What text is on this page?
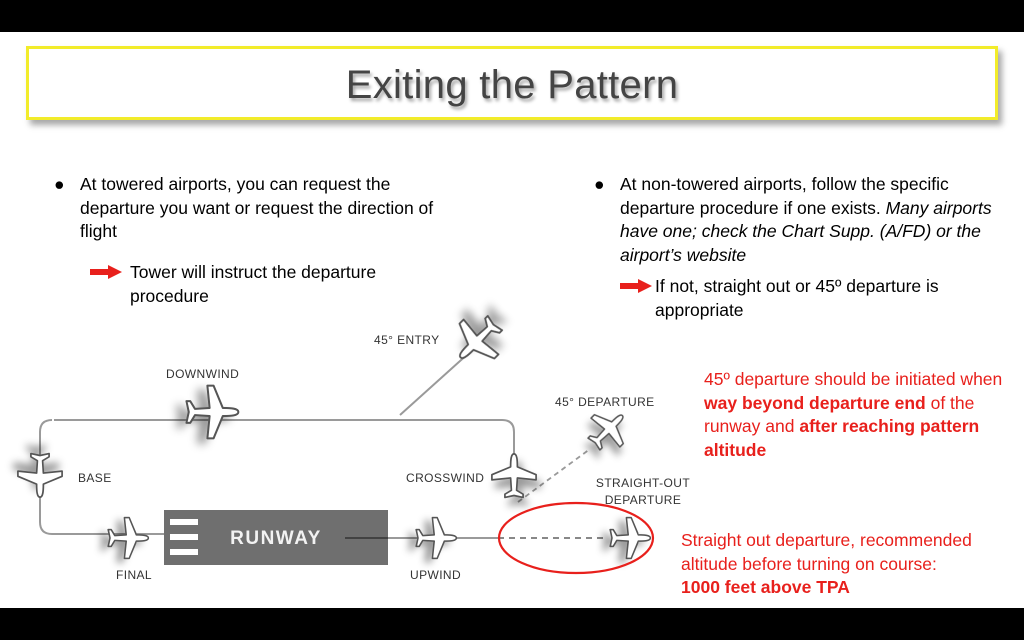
Exiting the Pattern
● At towered airports, you can request the departure you want or request the direction of flight
Tower will instruct the departure procedure
● At non-towered airports, follow the specific departure procedure if one exists. Many airports have one; check the Chart Supp. (A/FD) or the airport’s website
If not, straight out or 45º departure is appropriate
45º departure should be initiated when way beyond departure end of the runway and after reaching pattern altitude
Straight out departure, recommended altitude before turning on course:
1000 feet above TPA
RUNWAY
45° ENTRY
DOWNWIND
45° DEPARTURE
BASE	CROSSWIND	STRAIGHT-OUT
DEPARTURE
FINAL	UPWIND
